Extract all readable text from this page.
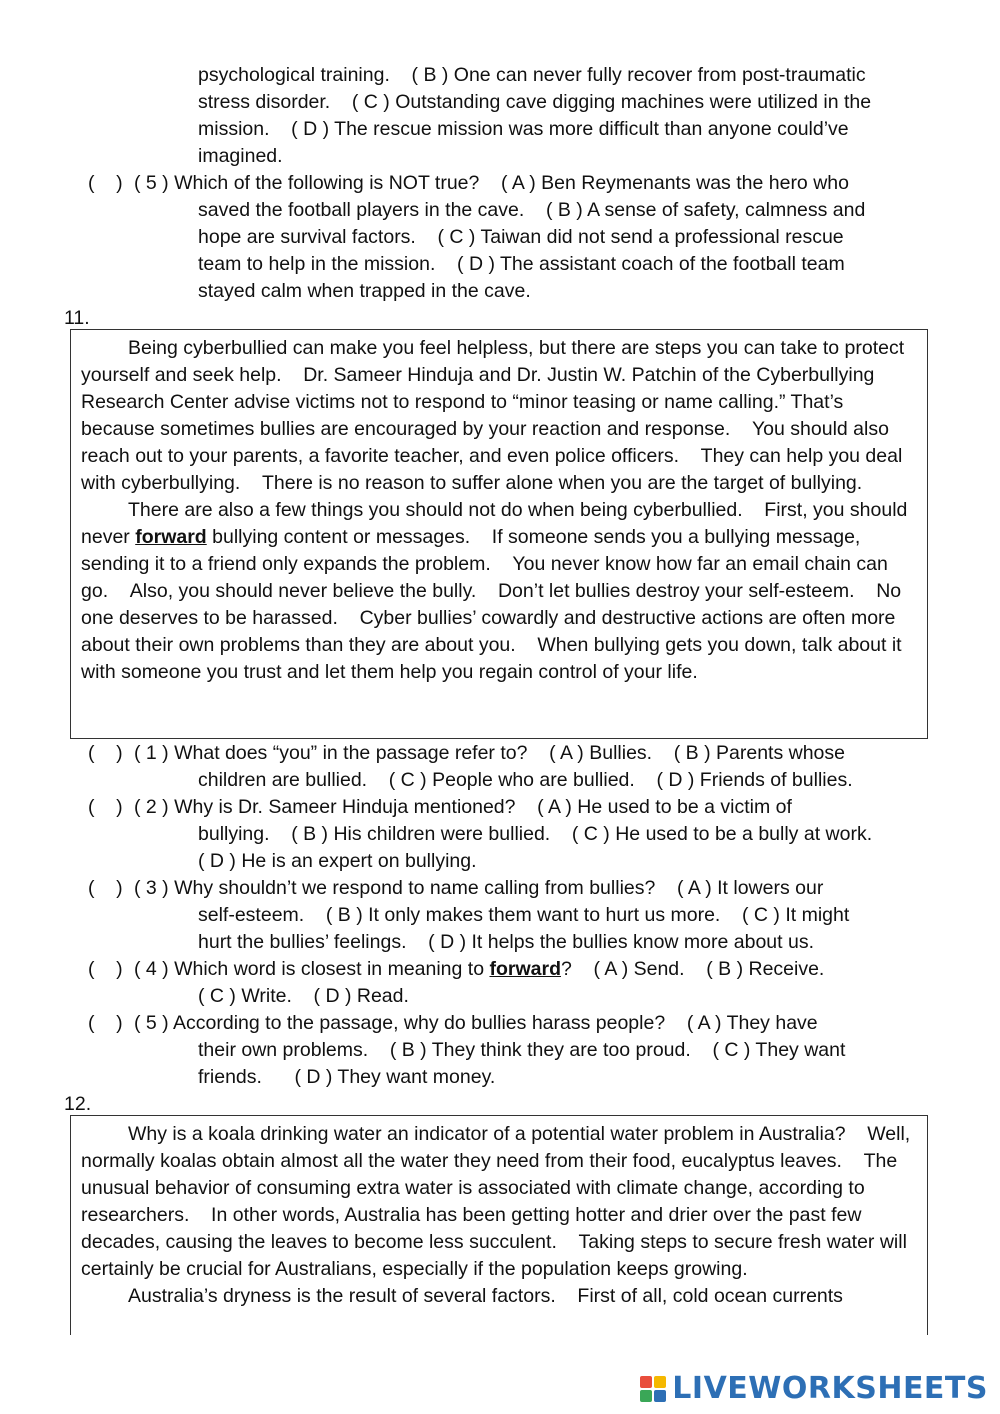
psychological training.    ( B ) One can never fully recover from post-traumatic
stress disorder.    ( C ) Outstanding cave digging machines were utilized in the
mission.    ( D ) The rescue mission was more difficult than anyone could’ve
imagined.
(    ) ( 5 ) Which of the following is NOT true?    ( A ) Ben Reymenants was the hero who
saved the football players in the cave.    ( B ) A sense of safety, calmness and
hope are survival factors.    ( C ) Taiwan did not send a professional rescue
team to help in the mission.    ( D ) The assistant coach of the football team
stayed calm when trapped in the cave.
11.

Being cyberbullied can make you feel helpless, but there are steps you can take to protect yourself and seek help.    Dr. Sameer Hinduja and Dr. Justin W. Patchin of the Cyberbullying Research Center advise victims not to respond to “minor teasing or name calling.” That’s because sometimes bullies are encouraged by your reaction and response.    You should also reach out to your parents, a favorite teacher, and even police officers.    They can help you deal with cyberbullying.    There is no reason to suffer alone when you are the target of bullying.

There are also a few things you should not do when being cyberbullied.    First, you should never forward bullying content or messages.    If someone sends you a bullying message, sending it to a friend only expands the problem.    You never know how far an email chain can go.    Also, you should never believe the bully.    Don’t let bullies destroy your self-esteem.    No one deserves to be harassed.    Cyber bullies’ cowardly and destructive actions are often more about their own problems than they are about you.    When bullying gets you down, talk about it with someone you trust and let them help you regain control of your life.

(    ) ( 1 ) What does “you” in the passage refer to?    ( A ) Bullies.    ( B ) Parents whose
children are bullied.    ( C ) People who are bullied.    ( D ) Friends of bullies.
(    ) ( 2 ) Why is Dr. Sameer Hinduja mentioned?    ( A ) He used to be a victim of
bullying.    ( B ) His children were bullied.    ( C ) He used to be a bully at work.
( D ) He is an expert on bullying.
(    ) ( 3 ) Why shouldn’t we respond to name calling from bullies?    ( A ) It lowers our
self-esteem.    ( B ) It only makes them want to hurt us more.    ( C ) It might
hurt the bullies’ feelings.    ( D ) It helps the bullies know more about us.
(    ) ( 4 ) Which word is closest in meaning to forward?    ( A ) Send.    ( B ) Receive.
( C ) Write.    ( D ) Read.
(    ) ( 5 ) According to the passage, why do bullies harass people?    ( A ) They have
their own problems.    ( B ) They think they are too proud.    ( C ) They want
friends.      ( D ) They want money.
12.

Why is a koala drinking water an indicator of a potential water problem in Australia?    Well, normally koalas obtain almost all the water they need from their food, eucalyptus leaves.    The unusual behavior of consuming extra water is associated with climate change, according to researchers.    In other words, Australia has been getting hotter and drier over the past few decades, causing the leaves to become less succulent.    Taking steps to secure fresh water will certainly be crucial for Australians, especially if the population keeps growing.

Australia’s dryness is the result of several factors.    First of all, cold ocean currents

LIVEWORKSHEETS
